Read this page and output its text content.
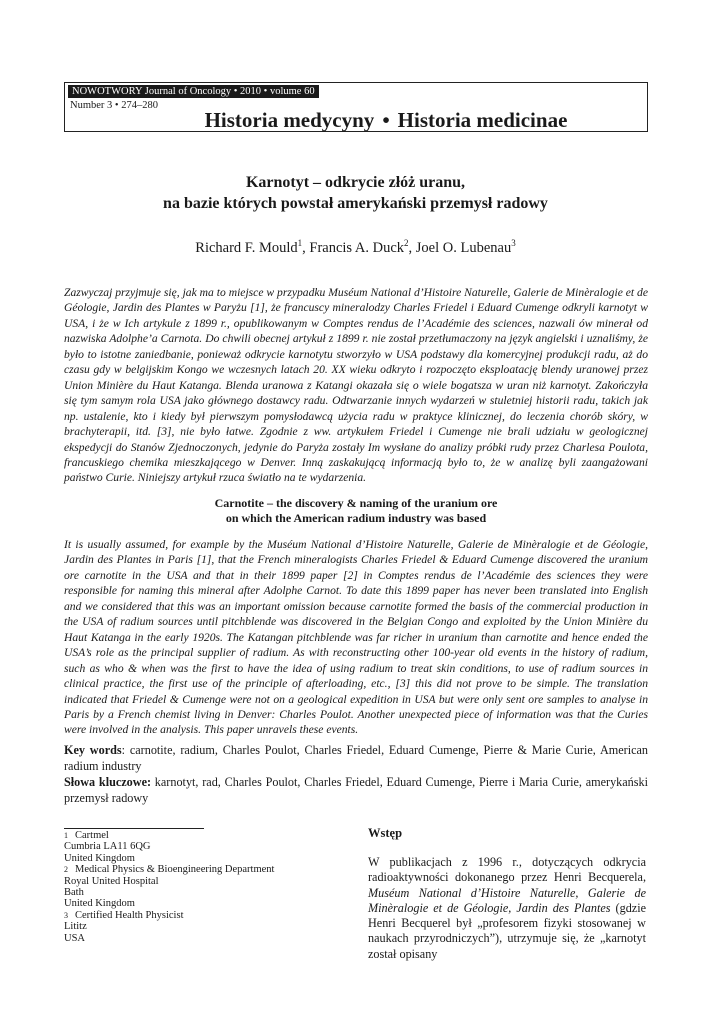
NOWOTWORY Journal of Oncology • 2010 • volume 60
Number 3 • 274–280
Historia medycyny • Historia medicinae
Karnotyt – odkrycie złóż uranu,
na bazie których powstał amerykański przemysł radowy
Richard F. Mould$^1$, Francis A. Duck$^2$, Joel O. Lubenau$^3$
Zazwyczaj przyjmuje się, jak ma to miejsce w przypadku Muséum National d’Histoire Naturelle, Galerie de Minèralogie et de Géologie, Jardin des Plantes w Paryżu [1], że francuscy mineralodzy Charles Friedel i Eduard Cumenge odkryli karnotyt w USA, i że w Ich artykule z 1899 r., opublikowanym w Comptes rendus de l’Académie des sciences, nazwali ów minerał od nazwiska Adolphe’a Carnota. Do chwili obecnej artykuł z 1899 r. nie został przetłumaczony na język angielski i uznaliśmy, że było to istotne zaniedbanie, ponieważ odkrycie karnotytu stworzyło w USA podstawy dla komercyjnej produkcji radu, aż do czasu gdy w belgijskim Kongo we wczesnych latach 20. XX wieku odkryto i rozpoczęto eksploatację blendy uranowej przez Union Minière du Haut Katanga. Blenda uranowa z Katangi okazała się o wiele bogatsza w uran niż karnotyt. Zakończyła się tym samym rola USA jako głównego dostawcy radu. Odtwarzanie innych wydarzeń w stuletniej historii radu, takich jak np. ustalenie, kto i kiedy był pierwszym pomysłodawcą użycia radu w praktyce klinicznej, do leczenia chorób skóry, w brachyterapii, itd. [3], nie było łatwe. Zgodnie z ww. artykułem Friedel i Cumenge nie brali udziału w geologicznej ekspedycji do Stanów Zjednoczonych, jedynie do Paryża zostały Im wysłane do analizy próbki rudy przez Charlesa Poulota, francuskiego chemika mieszkającego w Denver. Inną zaskakującą informacją było to, że w analizę byli zaangażowani państwo Curie. Niniejszy artykuł rzuca światło na te wydarzenia.
Carnotite – the discovery & naming of the uranium ore
on which the American radium industry was based
It is usually assumed, for example by the Muséum National d’Histoire Naturelle, Galerie de Minèralogie et de Géologie, Jardin des Plantes in Paris [1], that the French mineralogists Charles Friedel & Eduard Cumenge discovered the uranium ore carnotite in the USA and that in their 1899 paper [2] in Comptes rendus de l’Académie des sciences they were responsible for naming this mineral after Adolphe Carnot. To date this 1899 paper has never been translated into English and we considered that this was an important omission because carnotite formed the basis of the commercial production in the USA of radium sources until pitchblende was discovered in the Belgian Congo and exploited by the Union Minière du Haut Katanga in the early 1920s. The Katangan pitchblende was far richer in uranium than carnotite and hence ended the USA’s role as the principal supplier of radium. As with reconstructing other 100-year old events in the history of radium, such as who & when was the first to have the idea of using radium to treat skin conditions, to use of radium sources in clinical practice, the first use of the principle of afterloading, etc., [3] this did not prove to be simple. The translation indicated that Friedel & Cumenge were not on a geological expedition in USA but were only sent ore samples to analyse in Paris by a French chemist living in Denver: Charles Poulot. Another unexpected piece of information was that the Curies were involved in the analysis. This paper unravels these events.
Key words: carnotite, radium, Charles Poulot, Charles Friedel, Eduard Cumenge, Pierre & Marie Curie, American radium industry
Słowa kluczowe: karnotyt, rad, Charles Poulot, Charles Friedel, Eduard Cumenge, Pierre i Maria Curie, amerykański przemysł radowy
$^1$ Cartmel
Cumbria LA11 6QG
United Kingdom
$^2$ Medical Physics & Bioengineering Department
Royal United Hospital
Bath
United Kingdom
$^3$ Certified Health Physicist
Lititz
USA
Wstęp
W publikacjach z 1996 r., dotyczących odkrycia radioaktywności dokonanego przez Henri Becquerela, Muséum National d’Histoire Naturelle, Galerie de Minèralogie et de Géologie, Jardin des Plantes (gdzie Henri Becquerel był „profesorem fizyki stosowanej w naukach przyrodniczych”), utrzymuje się, że „karnotyt został opisany
